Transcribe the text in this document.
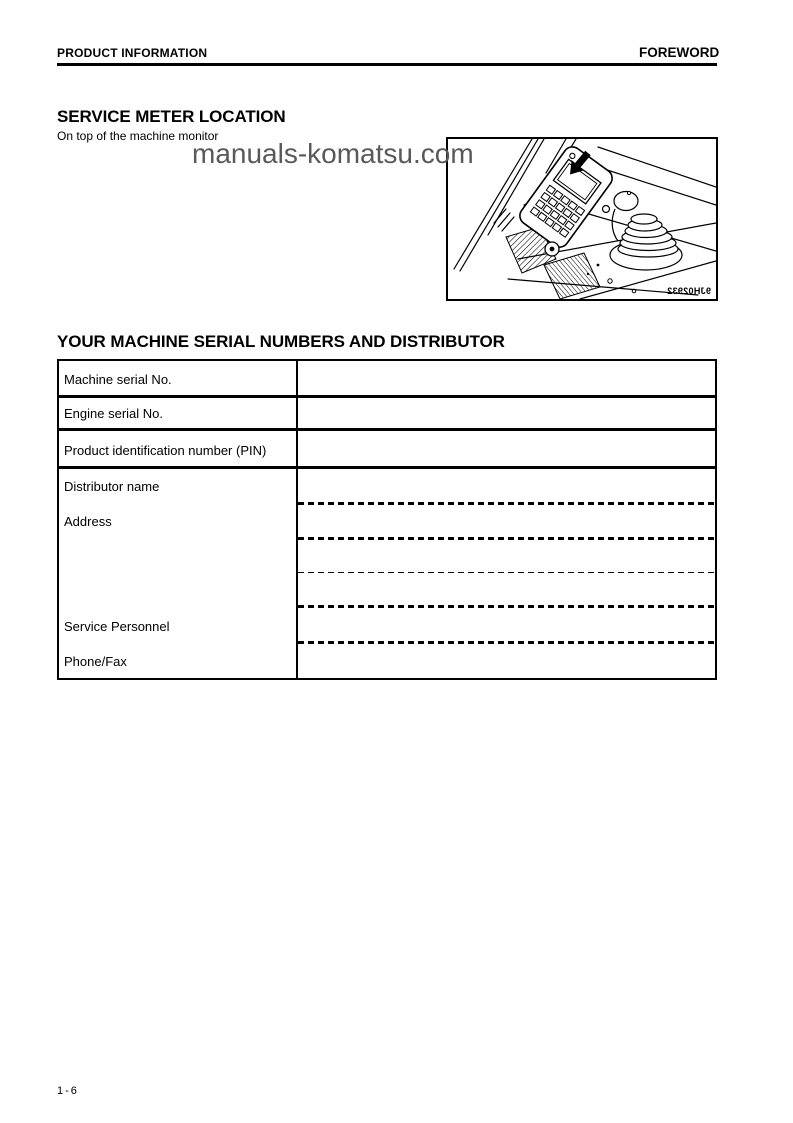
PRODUCT INFORMATION	FOREWORD
SERVICE METER LOCATION
On top of the machine monitor
manuals-komatsu.com
9JH02932
YOUR MACHINE SERIAL NUMBERS AND DISTRIBUTOR
Machine serial No.
Engine serial No.
Product identification number (PIN)
Distributor name
Address
Service Personnel
Phone/Fax
1-6
